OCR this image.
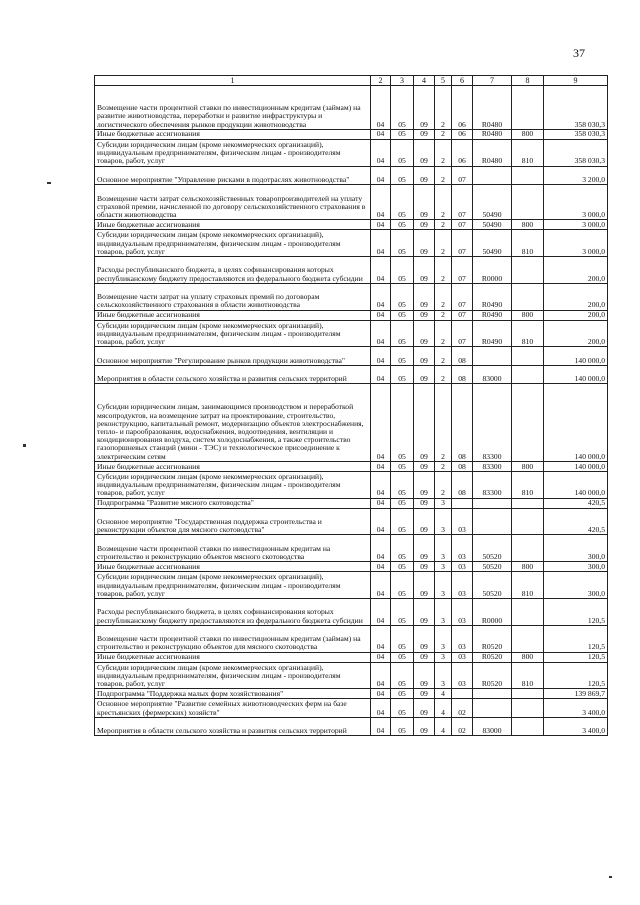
37
1	2	3	4	5	6	7	8	9
Возмещение части процентной ставки по инвестиционным кредитам (займам) на развитие животноводства, переработки и развитие инфраструктуры и логистического обеспечения рынков продукции животноводства	04	05	09	2	06	R0480		358 030,3
Иные бюджетные ассигнования	04	05	09	2	06	R0480	800	358 030,3
Субсидии юридическим лицам (кроме некоммерческих организаций), индивидуальным предпринимателям, физическим лицам - производителям товаров, работ, услуг	04	05	09	2	06	R0480	810	358 030,3
Основное мероприятие "Управление рисками в подотраслях животноводства"	04	05	09	2	07			3 200,0
Возмещение части затрат сельскохозяйственных товаропроизводителей на уплату страховой премии, начисленной по договору сельскохозяйственного страхования в области животноводства	04	05	09	2	07	50490		3 000,0
Иные бюджетные ассигнования	04	05	09	2	07	50490	800	3 000,0
Субсидии юридическим лицам (кроме некоммерческих организаций), индивидуальным предпринимателям, физическим лицам - производителям товаров, работ, услуг	04	05	09	2	07	50490	810	3 000,0
Расходы республиканского бюджета, в целях софинансирования которых республиканскому бюджету предоставляются из федерального бюджета субсидии	04	05	09	2	07	R0000		200,0
Возмещение части затрат на уплату страховых премий по договорам сельскохозяйственного страхования в области животноводства	04	05	09	2	07	R0490		200,0
Иные бюджетные ассигнования	04	05	09	2	07	R0490	800	200,0
Субсидии юридическим лицам (кроме некоммерческих организаций), индивидуальным предпринимателям, физическим лицам - производителям товаров, работ, услуг	04	05	09	2	07	R0490	810	200,0
Основное мероприятие "Регулирование рынков продукции животноводства"	04	05	09	2	08			140 000,0
Мероприятия в области сельского хозяйства и развития сельских территорий	04	05	09	2	08	83000		140 000,0
Субсидии юридическим лицам, занимающимся производством и переработкой мясопродуктов, на возмещение затрат на проектирование, строительство, реконструкцию, капитальный ремонт, модернизацию объектов электроснабжения, тепло- и парообразования, водоснабжения, водоотведения, вентиляции и кондиционирования воздуха, систем холодоснабжения, а также строительство газопоршневых станций (мини - ТЭС) и технологическое присоединение к электрическим сетям	04	05	09	2	08	83300		140 000,0
Иные бюджетные ассигнования	04	05	09	2	08	83300	800	140 000,0
Субсидии юридическим лицам (кроме некоммерческих организаций), индивидуальным предпринимателям, физическим лицам - производителям товаров, работ, услуг	04	05	09	2	08	83300	810	140 000,0
Подпрограмма "Развитие мясного скотоводства"	04	05	09	3				420,5
Основное мероприятие "Государственная поддержка строительства и реконструкции объектов для мясного скотоводства"	04	05	09	3	03			420,5
Возмещение части процентной ставки по инвестиционным кредитам на строительство и реконструкцию объектов мясного скотоводства	04	05	09	3	03	50520		300,0
Иные бюджетные ассигнования	04	05	09	3	03	50520	800	300,0
Субсидии юридическим лицам (кроме некоммерческих организаций), индивидуальным предпринимателям, физическим лицам - производителям товаров, работ, услуг	04	05	09	3	03	50520	810	300,0
Расходы республиканского бюджета, в целях софинансирования которых республиканскому бюджету предоставляются из федерального бюджета субсидии	04	05	09	3	03	R0000		120,5
Возмещение части процентной ставки по инвестиционным кредитам (займам) на строительство и реконструкцию объектов для мясного скотоводства	04	05	09	3	03	R0520		120,5
Иные бюджетные ассигнования	04	05	09	3	03	R0520	800	120,5
Субсидии юридическим лицам (кроме некоммерческих организаций), индивидуальным предпринимателям, физическим лицам - производителям товаров, работ, услуг	04	05	09	3	03	R0520	810	120,5
Подпрограмма "Поддержка малых форм хозяйствования"	04	05	09	4				139 869,7
Основное мероприятие "Развитие семейных животноводческих ферм на базе крестьянских (фермерских) хозяйств"	04	05	09	4	02			3 400,0
Мероприятия в области сельского хозяйства и развития сельских территорий	04	05	09	4	02	83000		3 400,0
